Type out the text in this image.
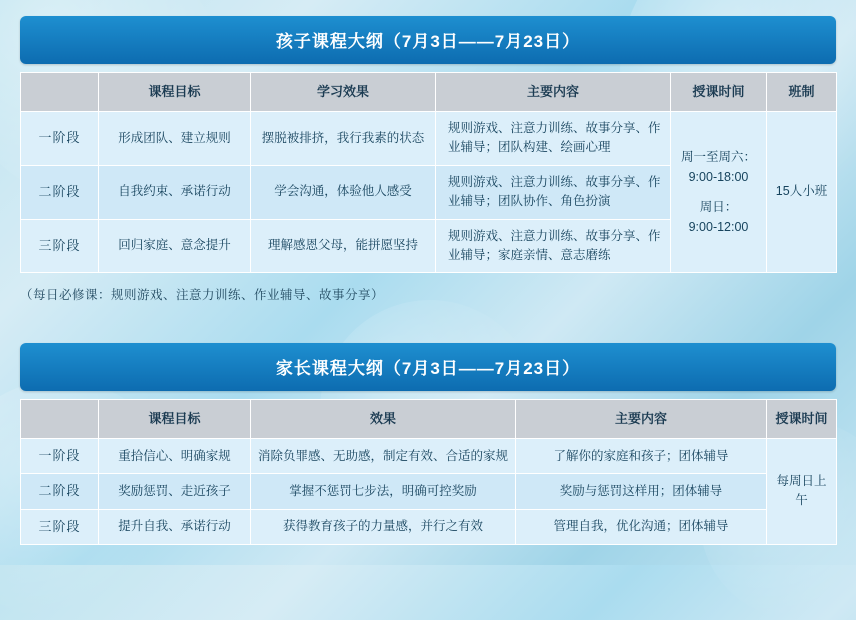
孩子课程大纲（7月3日——7月23日）
	课程目标	学习效果	主要内容	授课时间	班制
一阶段	形成团队、建立规则	摆脱被排挤，我行我素的状态	规则游戏、注意力训练、故事分享、作业辅导；团队构建、绘画心理	周一至周六：

9:00-18:00

周日：

9:00-12:00	15人小班
二阶段	自我约束、承诺行动	学会沟通，体验他人感受	规则游戏、注意力训练、故事分享、作业辅导；团队协作、角色扮演		
三阶段	回归家庭、意念提升	理解感恩父母，能拼愿坚持	规则游戏、注意力训练、故事分享、作业辅导；家庭亲情、意志磨练		
（每日必修课：规则游戏、注意力训练、作业辅导、故事分享）
家长课程大纲（7月3日——7月23日）
	课程目标	效果	主要内容	授课时间
一阶段	重拾信心、明确家规	消除负罪感、无助感，制定有效、合适的家规	了解你的家庭和孩子；团体辅导	每周日上午
二阶段	奖励惩罚、走近孩子	掌握不惩罚七步法，明确可控奖励	奖励与惩罚这样用；团体辅导	
三阶段	提升自我、承诺行动	获得教育孩子的力量感，并行之有效	管理自我，优化沟通；团体辅导	
